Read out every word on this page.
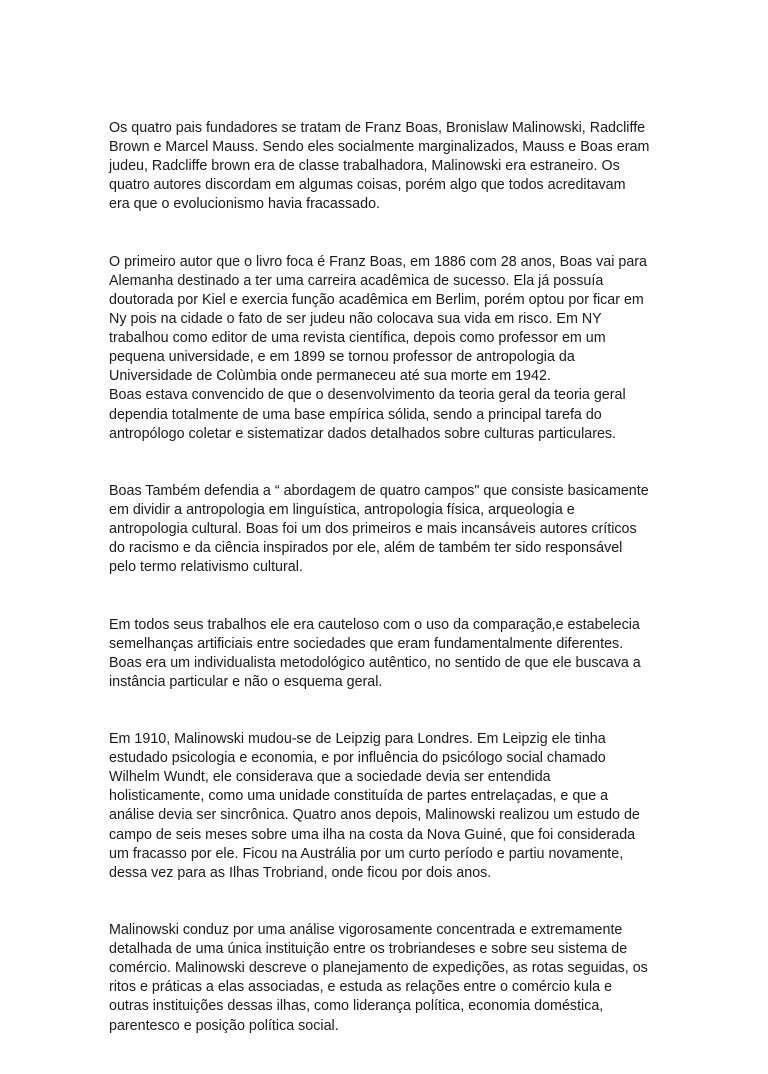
Os quatro pais fundadores se tratam de Franz Boas, Bronislaw Malinowski, Radcliffe
Brown e Marcel Mauss. Sendo eles socialmente marginalizados, Mauss e Boas eram
judeu, Radcliffe brown era de classe trabalhadora, Malinowski era estraneiro. Os
quatro autores discordam em algumas coisas, porém algo que todos acreditavam
era que o evolucionismo havia fracassado.

O primeiro autor que o livro foca é Franz Boas, em 1886 com 28 anos, Boas vai para
Alemanha destinado a ter uma carreira acadêmica de sucesso. Ela já possuía
doutorada por Kiel e exercia função acadêmica em Berlim, porém optou por ficar em
Ny pois na cidade o fato de ser judeu não colocava sua vida em risco. Em NY
trabalhou como editor de uma revista científica, depois como professor em um
pequena universidade, e em 1899 se tornou professor de antropologia da
Universidade de Colùmbia onde permaneceu até sua morte em 1942.
Boas estava convencido de que o desenvolvimento da teoria geral da teoria geral
dependia totalmente de uma base empírica sólida, sendo a principal tarefa do
antropólogo coletar e sistematizar dados detalhados sobre culturas particulares.

Boas Também defendia a “ abordagem de quatro campos" que consiste basicamente
em dividir a antropologia em linguística, antropologia física, arqueologia e
antropologia cultural. Boas foi um dos primeiros e mais incansáveis autores críticos
do racismo e da ciência inspirados por ele, além de também ter sido responsável
pelo termo relativismo cultural.

Em todos seus trabalhos ele era cauteloso com o uso da comparação,e estabelecia
semelhanças artificiais entre sociedades que eram fundamentalmente diferentes.
Boas era um individualista metodológico autêntico, no sentido de que ele buscava a
instância particular e não o esquema geral.

Em 1910, Malinowski mudou-se de Leipzig para Londres. Em Leipzig ele tinha
estudado psicologia e economia, e por influência do psicólogo social chamado
Wilhelm Wundt, ele considerava que a sociedade devia ser entendida
holisticamente, como uma unidade constituída de partes entrelaçadas, e que a
análise devia ser sincrônica. Quatro anos depois, Malinowski realizou um estudo de
campo de seis meses sobre uma ilha na costa da Nova Guiné, que foi considerada
um fracasso por ele. Ficou na Austrália por um curto período e partiu novamente,
dessa vez para as Ilhas Trobriand, onde ficou por dois anos.

Malinowski conduz por uma análise vigorosamente concentrada e extremamente
detalhada de uma única instituição entre os trobriandeses e sobre seu sistema de
comércio. Malinowski descreve o planejamento de expedições, as rotas seguidas, os
ritos e práticas a elas associadas, e estuda as relações entre o comércio kula e
outras instituições dessas ilhas, como liderança política, economia doméstica,
parentesco e posição política social.
